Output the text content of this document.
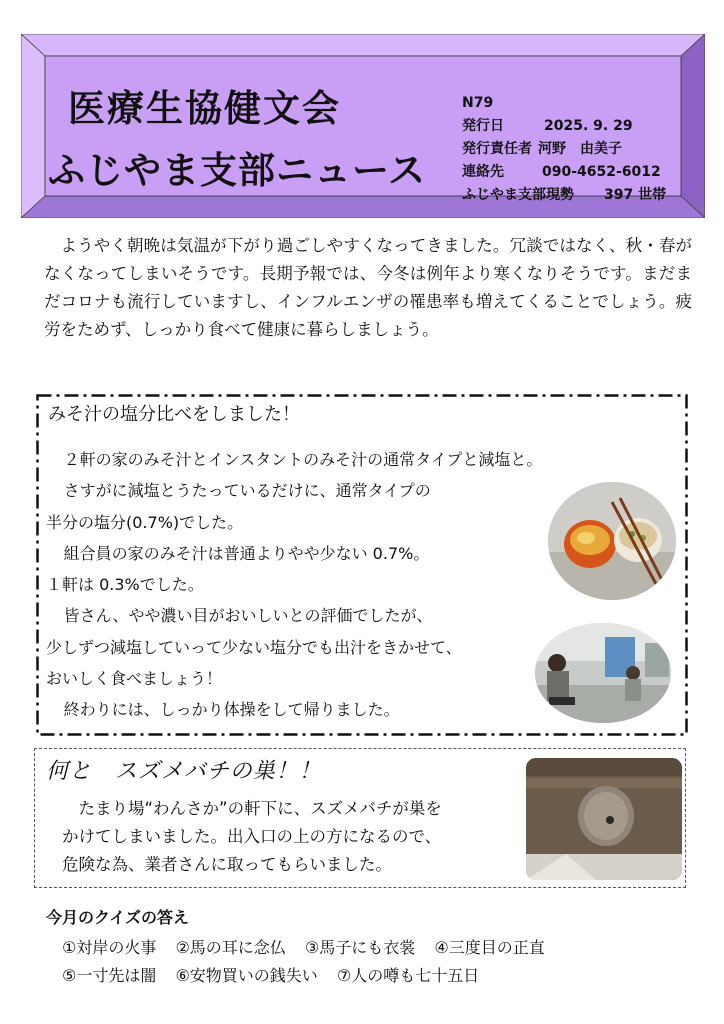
医療生協健文会
ふじやま支部ニュース
N79
発行日	2025. 9. 29
発行責任者 河野　由美子
連絡先	090-4652-6012
ふじやま支部現勢 397 世帯

ようやく朝晩は気温が下がり過ごしやすくなってきました。冗談ではなく、秋・春がなくなってしまいそうです。長期予報では、今冬は例年より寒くなりそうです。まだまだコロナも流行していますし、インフルエンザの罹患率も増えてくることでしょう。疲労をためず、しっかり食べて健康に暮らしましょう。

みそ汁の塩分比べをしました！
２軒の家のみそ汁とインスタントのみそ汁の通常タイプと減塩と。
さすがに減塩とうたっているだけに、通常タイプの
半分の塩分(0.7%)でした。
組合員の家のみそ汁は普通よりやや少ない 0.7%。
１軒は 0.3%でした。
皆さん、やや濃い目がおいしいとの評価でしたが、
少しずつ減塩していって少ない塩分でも出汁をきかせて、
おいしく食べましょう！
終わりには、しっかり体操をして帰りました。
何と　スズメバチの巣！！
たまり場“わんさか”の軒下に、スズメバチが巣を
かけてしまいました。出入口の上の方になるので、
危険な為、業者さんに取ってもらいました。
今月のクイズの答え
①対岸の火事 ②馬の耳に念仏 ③馬子にも衣裳 ④三度目の正直
⑤一寸先は闇 ⑥安物買いの銭失い ⑦人の噂も七十五日
